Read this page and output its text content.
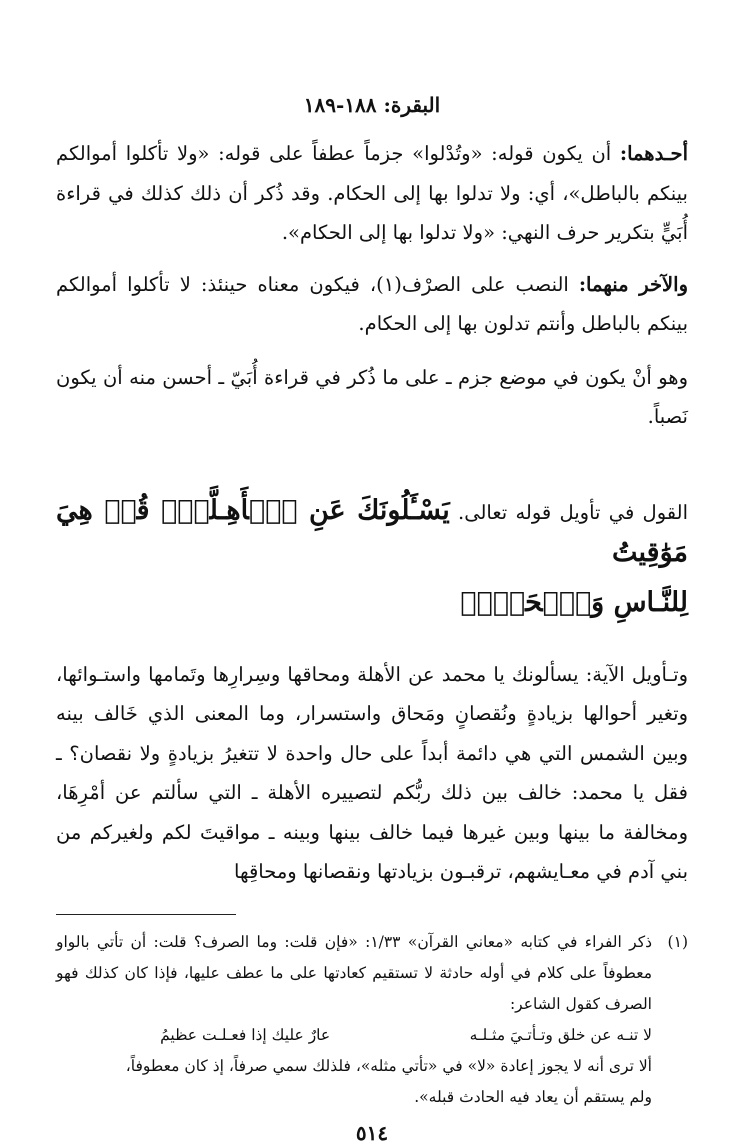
البقرة: ١٨٨-١٨٩

أحـدهما: أن يكون قوله: «وتُدْلوا» جزماً عطفاً على قوله: «ولا تأكلوا أموالكم بينكم بالباطل»، أي: ولا تدلوا بها إلى الحكام. وقد ذُكر أن ذلك كذلك في قراءة أُبَيٍّ بتكرير حرف النهي: «ولا تدلوا بها إلى الحكام».

والآخر منهما: النصب على الصرْف(١)، فيكون معناه حينئذ: لا تأكلوا أموالكم بينكم بالباطل وأنتم تدلون بها إلى الحكام.

وهو أنْ يكون في موضع جزم ـ على ما ذُكر في قراءة أُبَيّ ـ أحسن منه أن يكون نَصباً.

القول في تأويل قوله تعالى. يَسْـَٔلُونَكَ عَنِ ٱلۡأَهِـلَّةِۖ قُلۡ هِيَ مَوَٰقِيتُ
لِلنَّـاسِ وَٱلۡحَجِّۗ

وتـأويل الآية: يسألونك يا محمد عن الأهلة ومحاقها وسِرارِها وتَمامها واستـوائها، وتغير أحوالها بزيادةٍ ونُقصانٍ ومَحاق واستسرار، وما المعنى الذي خَالف بينه وبين الشمس التي هي دائمة أبداً على حال واحدة لا تتغيرُ بزيادةٍ ولا نقصان؟ ـ فقل يا محمد: خالف بين ذلك ربُّكم لتصييره الأهلة ـ التي سألتم عن أمْرِهَا، ومخالفة ما بينها وبين غيرها فيما خالف بينها وبينه ـ مواقيتَ لكم ولغيركم من بني آدم في معـايشهم، ترقبـون بزيادتها ونقصانها ومحاقِها

(١)
ذكر الفراء في كتابه «معاني القرآن» ١/٣٣: «فإن قلت: وما الصرف؟ قلت: أن تأتي بالواو معطوفاً على كلام في أوله حادثة لا تستقيم كعادتها على ما عطف عليها، فإذا كان كذلك فهو الصرف كقول الشاعر:
لا تنـه عن خلق وتـأتـيَ مثـلـه
عارٌ عليك إذا فعـلـت عظيمُ
ألا ترى أنه لا يجوز إعادة «لا» في «تأتي مثله»، فلذلك سمي صرفاً، إذ كان معطوفاً،
ولم يستقم أن يعاد فيه الحادث قبله».
٥١٤
